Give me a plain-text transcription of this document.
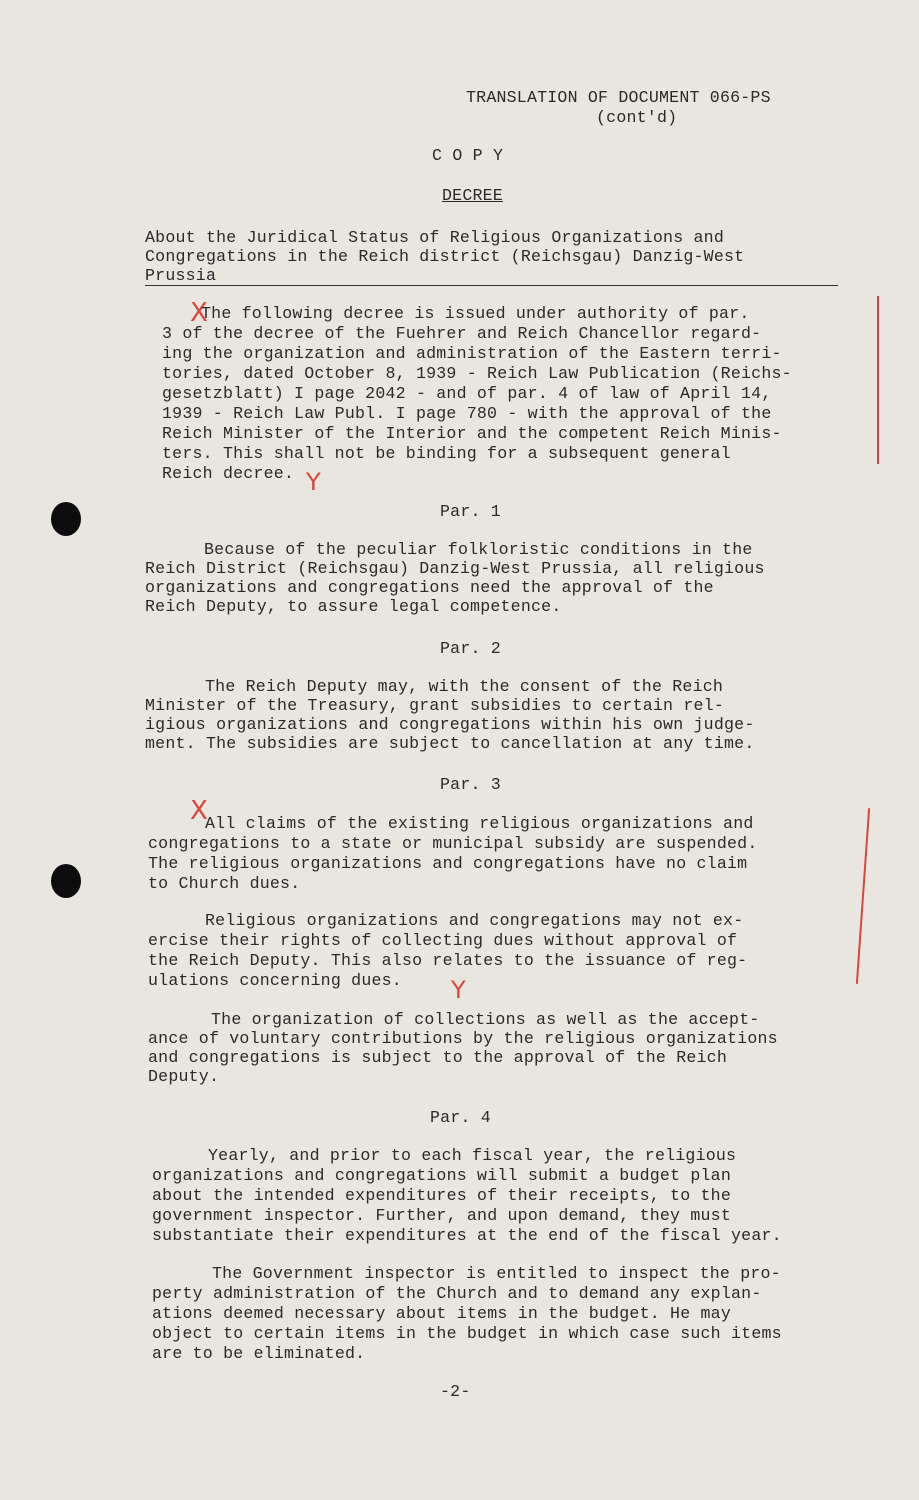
TRANSLATION OF DOCUMENT 066-PS
(cont'd)
C O P Y
DECREE
About the Juridical Status of Religious Organizations and
Congregations in the Reich district (Reichsgau) Danzig-West
Prussia
X
The following decree is issued under authority of par.
3 of the decree of the Fuehrer and Reich Chancellor regard-
ing the organization and administration of the Eastern terri-
tories, dated October 8, 1939 - Reich Law Publication (Reichs-
gesetzblatt) I page 2042 - and of par. 4 of law of April 14,
1939 - Reich Law Publ. I page 780 - with the approval of the
Reich Minister of the Interior and the competent Reich Minis-
ters. This shall not be binding for a subsequent general
Reich decree. Y
Par. 1
Because of the peculiar folkloristic conditions in the
Reich District (Reichsgau) Danzig-West Prussia, all religious
organizations and congregations need the approval of the
Reich Deputy, to assure legal competence.
Par. 2
The Reich Deputy may, with the consent of the Reich
Minister of the Treasury, grant subsidies to certain rel-
igious organizations and congregations within his own judge-
ment. The subsidies are subject to cancellation at any time.
Par. 3
X
All claims of the existing religious organizations and
congregations to a state or municipal subsidy are suspended.
The religious organizations and congregations have no claim
to Church dues.
Religious organizations and congregations may not ex-
ercise their rights of collecting dues without approval of
the Reich Deputy. This also relates to the issuance of reg-
ulations concerning dues. Y
The organization of collections as well as the accept-
ance of voluntary contributions by the religious organizations
and congregations is subject to the approval of the Reich
Deputy.
Par. 4
Yearly, and prior to each fiscal year, the religious
organizations and congregations will submit a budget plan
about the intended expenditures of their receipts, to the
government inspector. Further, and upon demand, they must
substantiate their expenditures at the end of the fiscal year.
The Government inspector is entitled to inspect the pro-
perty administration of the Church and to demand any explan-
ations deemed necessary about items in the budget. He may
object to certain items in the budget in which case such items
are to be eliminated.
-2-
